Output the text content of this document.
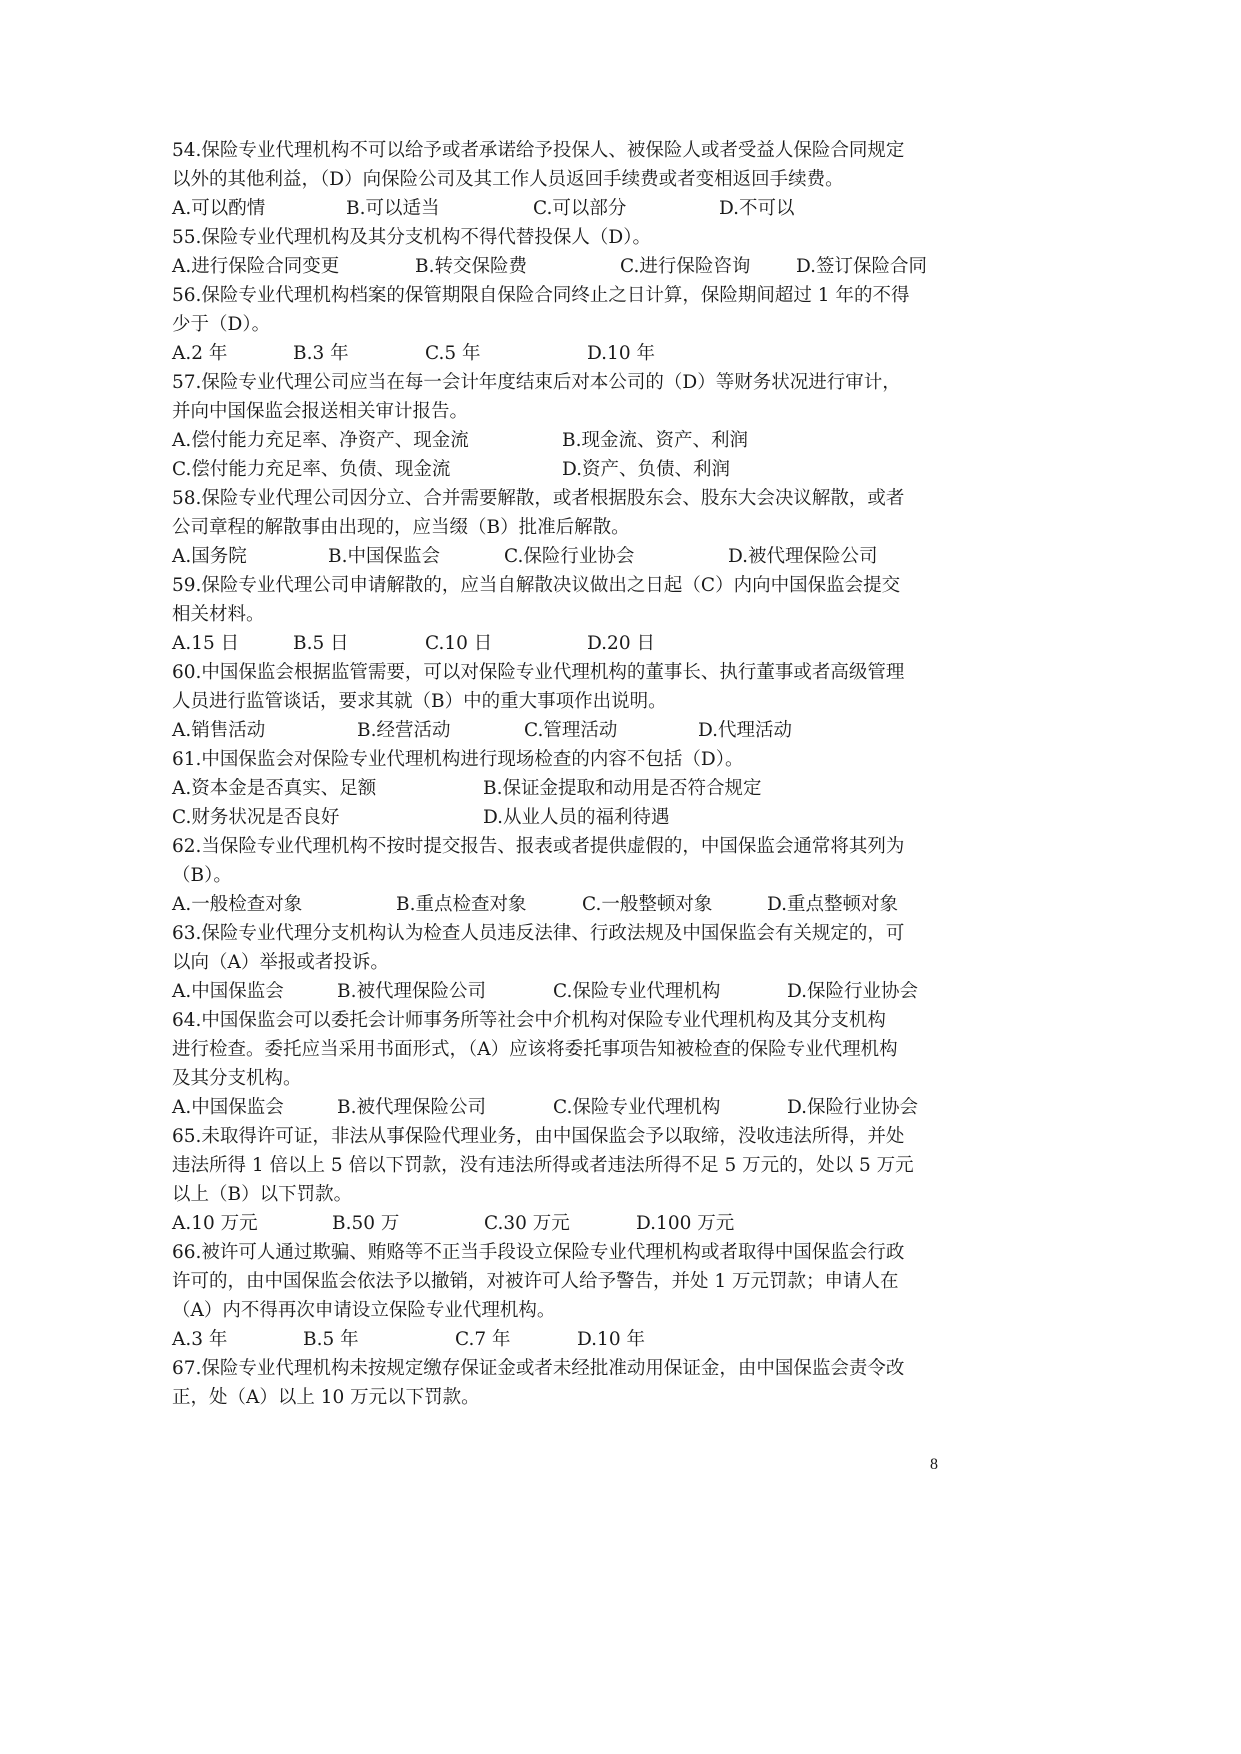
54.保险专业代理机构不可以给予或者承诺给予投保人、被保险人或者受益人保险合同规定
以外的其他利益，（D）向保险公司及其工作人员返回手续费或者变相返回手续费。
A.可以酌情	B.可以适当	C.可以部分	D.不可以
55.保险专业代理机构及其分支机构不得代替投保人（D）。
A.进行保险合同变更	B.转交保险费	C.进行保险咨询 D.签订保险合同
56.保险专业代理机构档案的保管期限自保险合同终止之日计算，保险期间超过 1 年的不得
少于（D）。
A.2 年	B.3 年	C.5 年	D.10 年
57.保险专业代理公司应当在每一会计年度结束后对本公司的（D）等财务状况进行审计，
并向中国保监会报送相关审计报告。
A.偿付能力充足率、净资产、现金流	B.现金流、资产、利润
C.偿付能力充足率、负债、现金流	D.资产、负债、利润
58.保险专业代理公司因分立、合并需要解散，或者根据股东会、股东大会决议解散，或者
公司章程的解散事由出现的，应当缀（B）批准后解散。
A.国务院	B.中国保监会	C.保险行业协会	D.被代理保险公司
59.保险专业代理公司申请解散的，应当自解散决议做出之日起（C）内向中国保监会提交
相关材料。
A.15 日	B.5 日	C.10 日	D.20 日
60.中国保监会根据监管需要，可以对保险专业代理机构的董事长、执行董事或者高级管理
人员进行监管谈话，要求其就（B）中的重大事项作出说明。
A.销售活动	B.经营活动	C.管理活动	D.代理活动
61.中国保监会对保险专业代理机构进行现场检查的内容不包括（D）。
A.资本金是否真实、足额	B.保证金提取和动用是否符合规定
C.财务状况是否良好	D.从业人员的福利待遇
62.当保险专业代理机构不按时提交报告、报表或者提供虚假的，中国保监会通常将其列为
（B）。
A.一般检查对象	B.重点检查对象	C.一般整顿对象	D.重点整顿对象
63.保险专业代理分支机构认为检查人员违反法律、行政法规及中国保监会有关规定的，可
以向（A）举报或者投诉。
A.中国保监会	B.被代理保险公司	C.保险专业代理机构	D.保险行业协会
64.中国保监会可以委托会计师事务所等社会中介机构对保险专业代理机构及其分支机构
进行检查。委托应当采用书面形式，（A）应该将委托事项告知被检查的保险专业代理机构
及其分支机构。
A.中国保监会	B.被代理保险公司	C.保险专业代理机构	D.保险行业协会
65.未取得许可证，非法从事保险代理业务，由中国保监会予以取缔，没收违法所得，并处
违法所得 1 倍以上 5 倍以下罚款，没有违法所得或者违法所得不足 5 万元的，处以 5 万元
以上（B）以下罚款。
A.10 万元	B.50 万	C.30 万元	D.100 万元
66.被许可人通过欺骗、贿赂等不正当手段设立保险专业代理机构或者取得中国保监会行政
许可的，由中国保监会依法予以撤销，对被许可人给予警告，并处 1 万元罚款；申请人在
（A）内不得再次申请设立保险专业代理机构。
A.3 年	B.5 年	C.7 年	D.10 年
67.保险专业代理机构未按规定缴存保证金或者未经批准动用保证金，由中国保监会责令改
正，处（A）以上 10 万元以下罚款。
8
